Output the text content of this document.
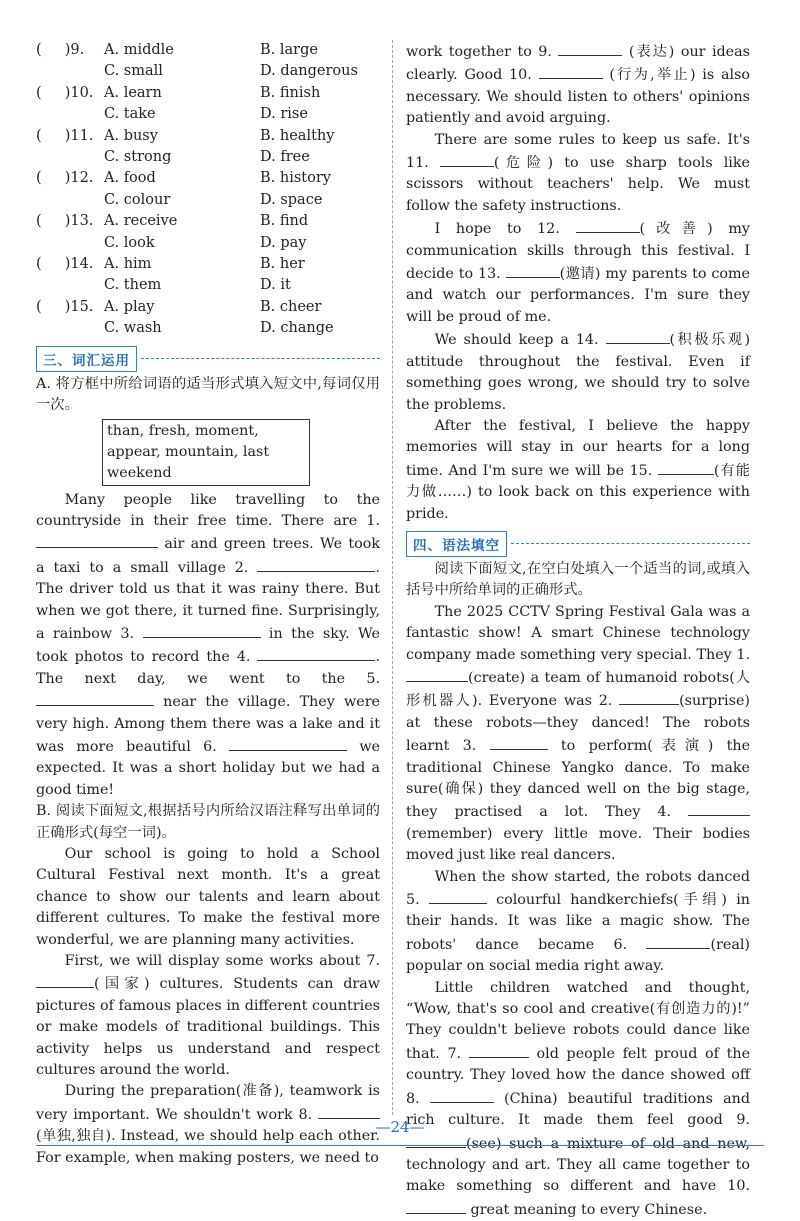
(     )9.	A. middle	B. large
C. small	D. dangerous
(     )10. A. learn	B. finish
C. take	D. rise
(     )11. A. busy	B. healthy
C. strong	D. free
(     )12. A. food	B. history
C. colour	D. space
(     )13. A. receive	B. find
C. look	D. pay
(     )14. A. him	B. her
C. them	D. it
(     )15. A. play	B. cheer
C. wash	D. change
三、词汇运用

A. 将方框中所给词语的适当形式填入短文中,每词仅用一次。

than, fresh, moment, appear, mountain, last weekend

Many people like travelling to the countryside in their free time. There are 1.  air and green trees. We took a taxi to a small village 2.	. The driver told us that it was rainy there. But when we got there, it turned fine. Surprisingly, a rainbow 3.	in the sky. We took photos to record the 4.	. The next day, we went to the 5.  near the village. They were very high. Among them there was a lake and it was more beautiful 6.	we expected. It was a short holiday but we had a good time!

B. 阅读下面短文,根据括号内所给汉语注释写出单词的正确形式(每空一词)。

Our school is going to hold a School Cultural Festival next month. It's a great chance to show our talents and learn about different cultures. To make the festival more wonderful, we are planning many activities.

First, we will display some works about 7. (国家) cultures. Students can draw pictures of famous places in different countries or make models of traditional buildings. This activity helps us understand and respect cultures around the world.

During the preparation(准备), teamwork is very important. We shouldn't work 8.  (单独,独自). Instead, we should help each other. For example, when making posters, we need to

work together to 9.	(表达) our ideas clearly. Good 10.	(行为,举止) is also necessary. We should listen to others' opinions patiently and avoid arguing.

There are some rules to keep us safe. It's 11.	(危险) to use sharp tools like scissors without teachers' help. We must follow the safety instructions.

I hope to 12.	(改善) my communication skills through this festival. I decide to 13.	(邀请) my parents to come and watch our performances. I'm sure they will be proud of me.

We should keep a 14.	(积极乐观) attitude throughout the festival. Even if something goes wrong, we should try to solve the problems.

After the festival, I believe the happy memories will stay in our hearts for a long time. And I'm sure we will be 15.	(有能力做……) to look back on this experience with pride.

四、语法填空

阅读下面短文,在空白处填入一个适当的词,或填入括号中所给单词的正确形式。

The 2025 CCTV Spring Festival Gala was a fantastic show! A smart Chinese technology company made something very special. They 1. (create) a team of humanoid robots(人形机器人). Everyone was 2.	(surprise) at these robots—they danced! The robots learnt 3.	to perform(表演) the traditional Chinese Yangko dance. To make sure(确保) they danced well on the big stage, they practised a lot. They 4. (remember) every little move. Their bodies moved just like real dancers.

When the show started, the robots danced 5.	colourful handkerchiefs(手绢) in their hands. It was like a magic show. The robots' dance became 6.	(real) popular on social media right away.

Little children watched and thought, “Wow, that's so cool and creative(有创造力的)!” They couldn't believe robots could dance like that. 7.	old people felt proud of the country. They loved how the dance showed off 8.	(China) beautiful traditions and rich culture. It made them feel good 9. (see) such a mixture of old and new, technology and art. They all came together to make something so different and have 10.  great meaning to every Chinese.

—24—
